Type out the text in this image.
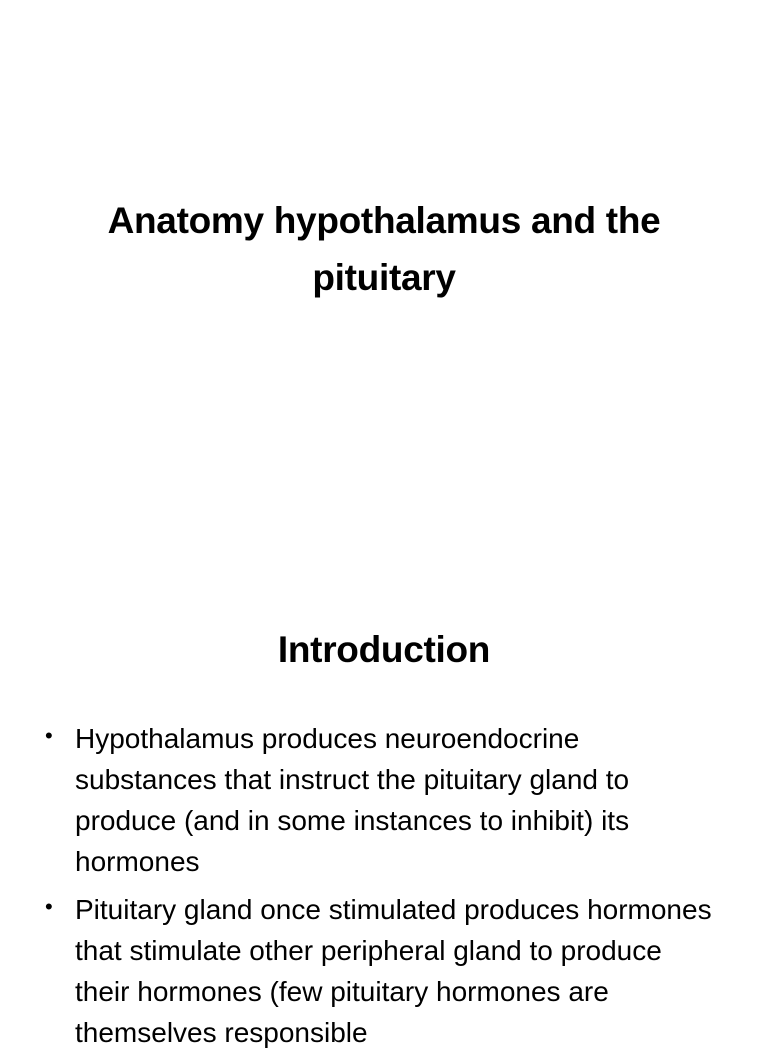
Anatomy hypothalamus and the pituitary
Introduction
• Hypothalamus produces neuroendocrine substances that instruct the pituitary gland to produce (and in some instances to inhibit) its hormones
• Pituitary gland once stimulated produces hormones that stimulate other peripheral gland to produce their hormones (few pituitary hormones are themselves responsible
